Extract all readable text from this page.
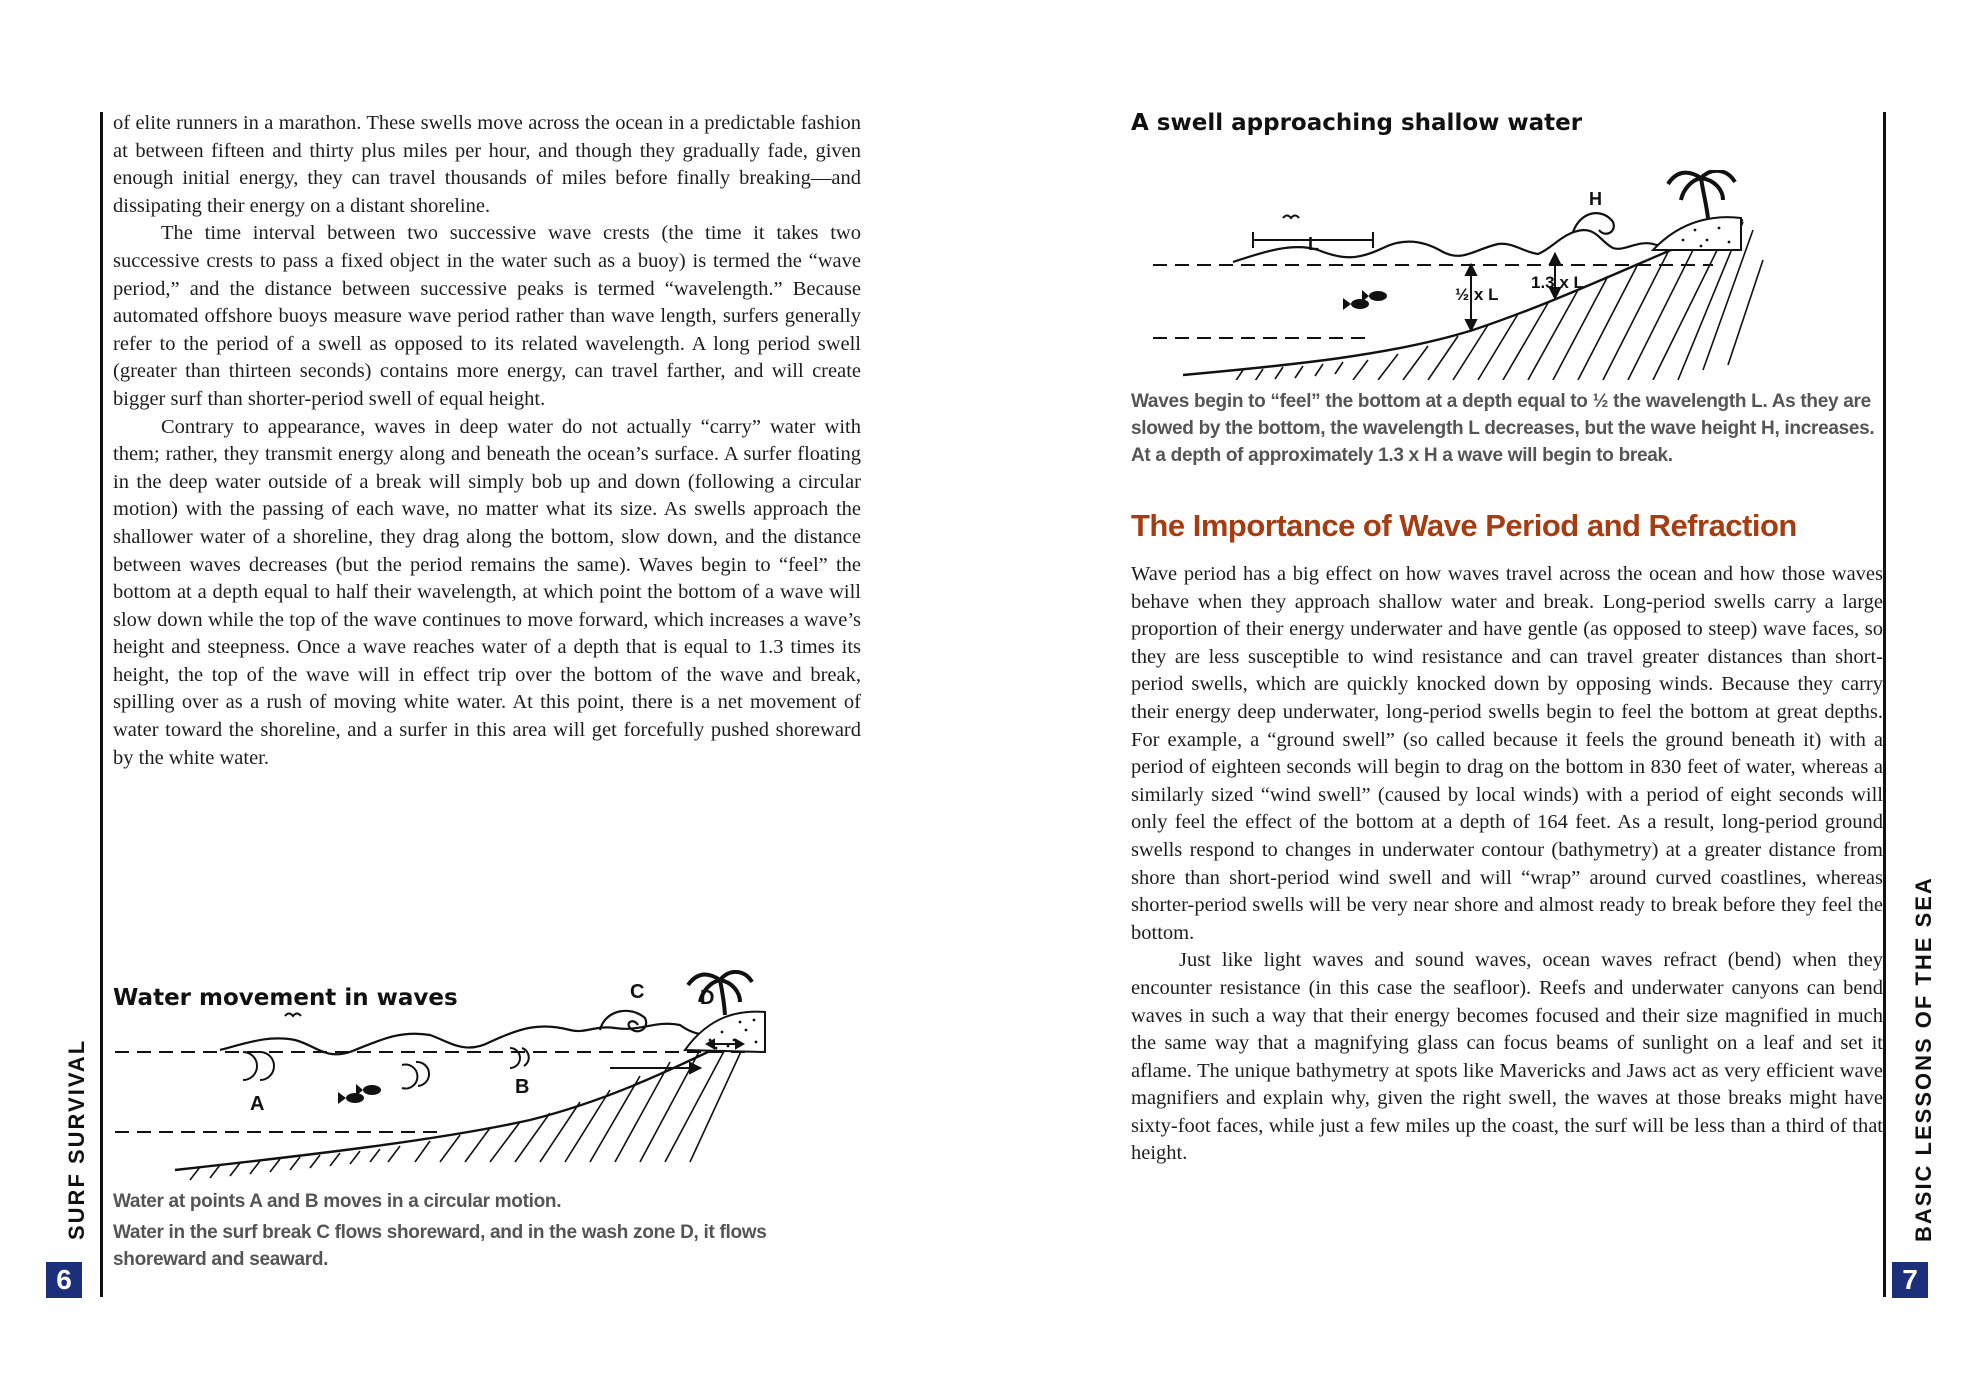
SURF SURVIVAL
6

of elite runners in a marathon. These swells move across the ocean in a predictable fashion at between fifteen and thirty plus miles per hour, and though they gradually fade, given enough initial energy, they can travel thousands of miles before finally breaking—and dissipating their energy on a distant shoreline.

The time interval between two successive wave crests (the time it takes two successive crests to pass a fixed object in the water such as a buoy) is termed the “wave period,” and the distance between successive peaks is termed “wavelength.” Because automated offshore buoys measure wave period rather than wave length, surfers generally refer to the period of a swell as opposed to its related wavelength. A long period swell (greater than thirteen seconds) contains more energy, can travel farther, and will create bigger surf than shorter-period swell of equal height.

Contrary to appearance, waves in deep water do not actually “carry” water with them; rather, they transmit energy along and beneath the ocean’s surface. A surfer floating in the deep water outside of a break will simply bob up and down (following a circular motion) with the passing of each wave, no matter what its size. As swells approach the shallower water of a shoreline, they drag along the bottom, slow down, and the distance between waves decreases (but the period remains the same). Waves begin to “feel” the bottom at a depth equal to half their wavelength, at which point the bottom of a wave will slow down while the top of the wave continues to move forward, which increases a wave’s height and steepness. Once a wave reaches water of a depth that is equal to 1.3 times its height, the top of the wave will in effect trip over the bottom of the wave and break, spilling over as a rush of moving white water. At this point, there is a net movement of water toward the shoreline, and a surfer in this area will get forcefully pushed shoreward by the white water.

Water movement in waves
A
B
C	D

Water at points A and B moves in a circular motion.

Water in the surf break C flows shoreward, and in the wash zone D, it flows shoreward and seaward.

BASIC LESSONS OF THE SEA
7
A swell approaching shallow water
H
L
½ x L
1.3 x L
Waves begin to “feel” the bottom at a depth equal to ½ the wavelength L. As they are slowed by the bottom, the wavelength L decreases, but the wave height H, increases. At a depth of approximately 1.3 x H a wave will begin to break.
The Importance of Wave Period and Refraction

Wave period has a big effect on how waves travel across the ocean and how those waves behave when they approach shallow water and break. Long-period swells carry a large proportion of their energy underwater and have gentle (as opposed to steep) wave faces, so they are less susceptible to wind resistance and can travel greater distances than short-period swells, which are quickly knocked down by opposing winds. Because they carry their energy deep underwater, long-period swells begin to feel the bottom at great depths. For example, a “ground swell” (so called because it feels the ground beneath it) with a period of eighteen seconds will begin to drag on the bottom in 830 feet of water, whereas a similarly sized “wind swell” (caused by local winds) with a period of eight seconds will only feel the effect of the bottom at a depth of 164 feet. As a result, long-period ground swells respond to changes in underwater contour (bathymetry) at a greater distance from shore than short-period wind swell and will “wrap” around curved coastlines, whereas shorter-period swells will be very near shore and almost ready to break before they feel the bottom.

Just like light waves and sound waves, ocean waves refract (bend) when they encounter resistance (in this case the seafloor). Reefs and underwater canyons can bend waves in such a way that their energy becomes focused and their size magnified in much the same way that a magnifying glass can focus beams of sunlight on a leaf and set it aflame. The unique bathymetry at spots like Mavericks and Jaws act as very efficient wave magnifiers and explain why, given the right swell, the waves at those breaks might have sixty-foot faces, while just a few miles up the coast, the surf will be less than a third of that height.
